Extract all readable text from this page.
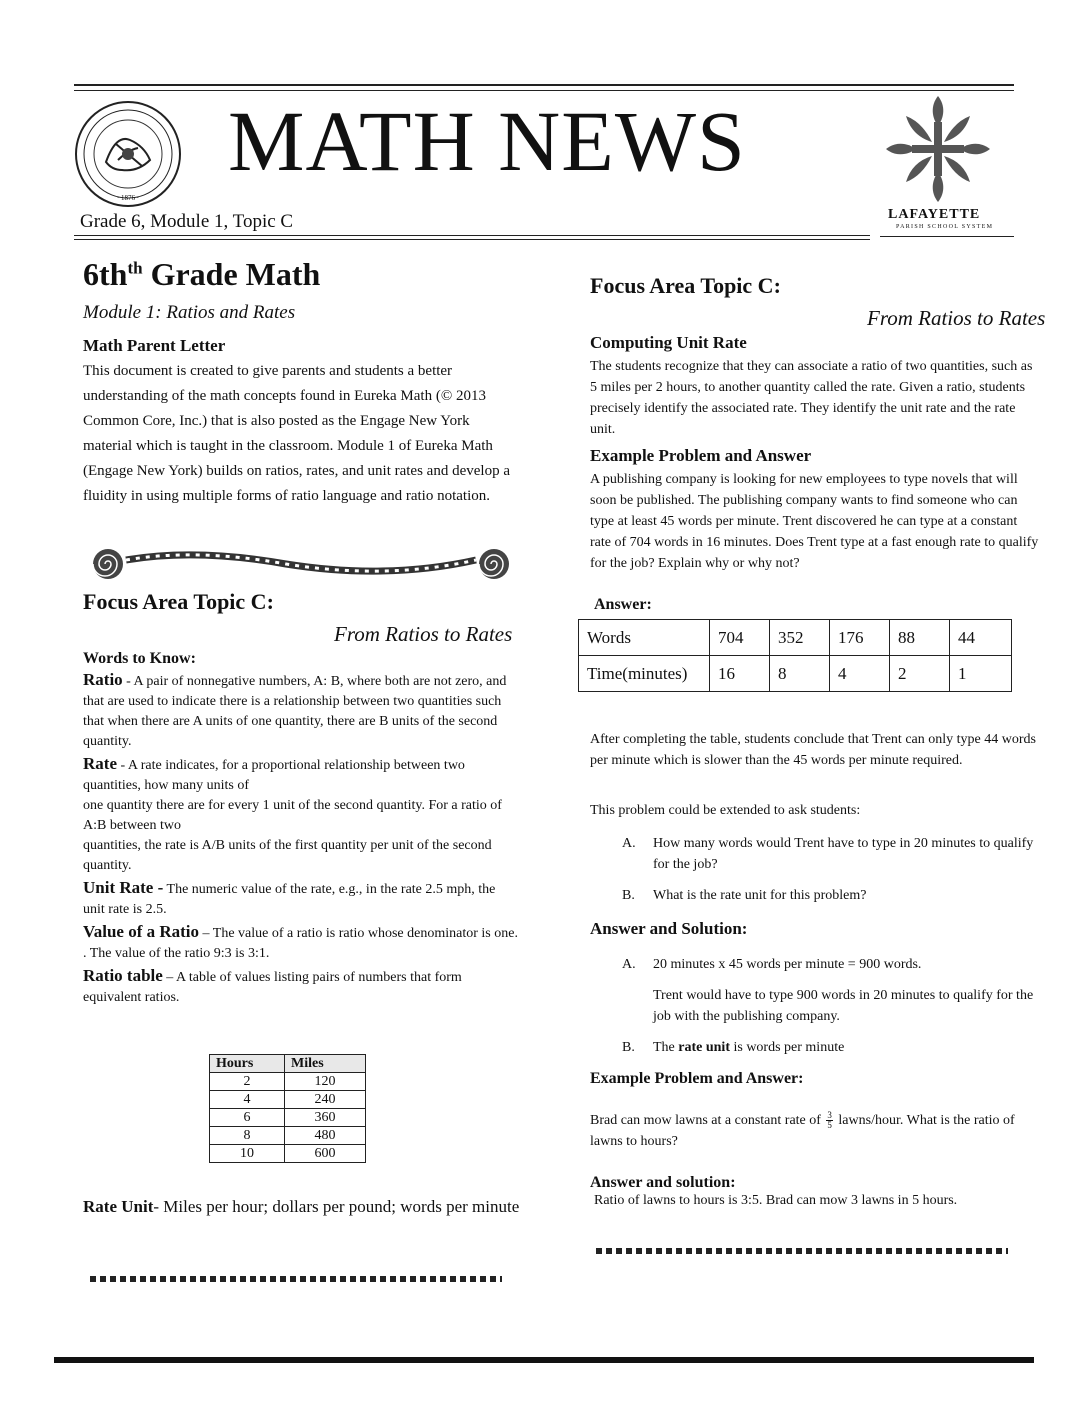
· 1876 ·
MATH NEWS
LAFAYETTE
PARISH SCHOOL SYSTEM
Grade 6, Module 1, Topic C
$6th^{th}$ Grade Math
Module 1: Ratios and Rates
Math Parent Letter
This document is created to give parents and students a better understanding of the math concepts found in Eureka Math (© 2013 Common Core, Inc.) that is also posted as the Engage New York material which is taught in the classroom. Module 1 of Eureka Math (Engage New York) builds on ratios, rates, and unit rates and develop a fluidity in using multiple forms of ratio language and ratio notation.
Focus Area Topic C:
From Ratios to Rates
Words to Know:

Ratio - A pair of nonnegative numbers, A: B, where both are not zero, and that are used to indicate there is a relationship between two quantities such that when there are A units of one quantity, there are B units of the second quantity.

Rate - A rate indicates, for a proportional relationship between two quantities, how many units of
one quantity there are for every 1 unit of the second quantity. For a ratio of A:B between two
quantities, the rate is A/B units of the first quantity per unit of the second quantity.

Unit Rate - The numeric value of the rate, e.g., in the rate 2.5 mph, the unit rate is 2.5.

Value of a Ratio – The value of a ratio is ratio whose denominator is one. . The value of the ratio 9:3 is 3:1.

Ratio table – A table of values listing pairs of numbers that form equivalent ratios.

Hours	Miles
2	120
4	240
6	360
8	480
10	600
Rate Unit- Miles per hour; dollars per pound; words per minute
Focus Area Topic C:
From Ratios to Rates
Computing Unit Rate
The students recognize that they can associate a ratio of two quantities, such as 5 miles per 2 hours, to another quantity called the rate. Given a ratio, students precisely identify the associated rate. They identify the unit rate and the rate unit.
Example Problem and Answer
A publishing company is looking for new employees to type novels that will soon be published. The publishing company wants to find someone who can type at least 45 words per minute. Trent discovered he can type at a constant rate of 704 words in 16 minutes. Does Trent type at a fast enough rate to qualify for the job? Explain why or why not?
Answer:
Words	704	352	176	88	44
Time(minutes)	16	8	4	2	1
After completing the table, students conclude that Trent can only type 44 words per minute which is slower than the 45 words per minute required.
This problem could be extended to ask students:
A. How many words would Trent have to type in 20 minutes to qualify for the job?
B. What is the rate unit for this problem?
Answer and Solution:
A. 20 minutes x 45 words per minute = 900 words.
Trent would have to type 900 words in 20 minutes to qualify for the job with the publishing company.
B. The rate unit is words per minute
Example Problem and Answer:
Brad can mow lawns at a constant rate of $\frac{3}{5}$ lawns/hour. What is the ratio of lawns to hours?
Answer and solution:
Ratio of lawns to hours is 3:5. Brad can mow 3 lawns in 5 hours.
